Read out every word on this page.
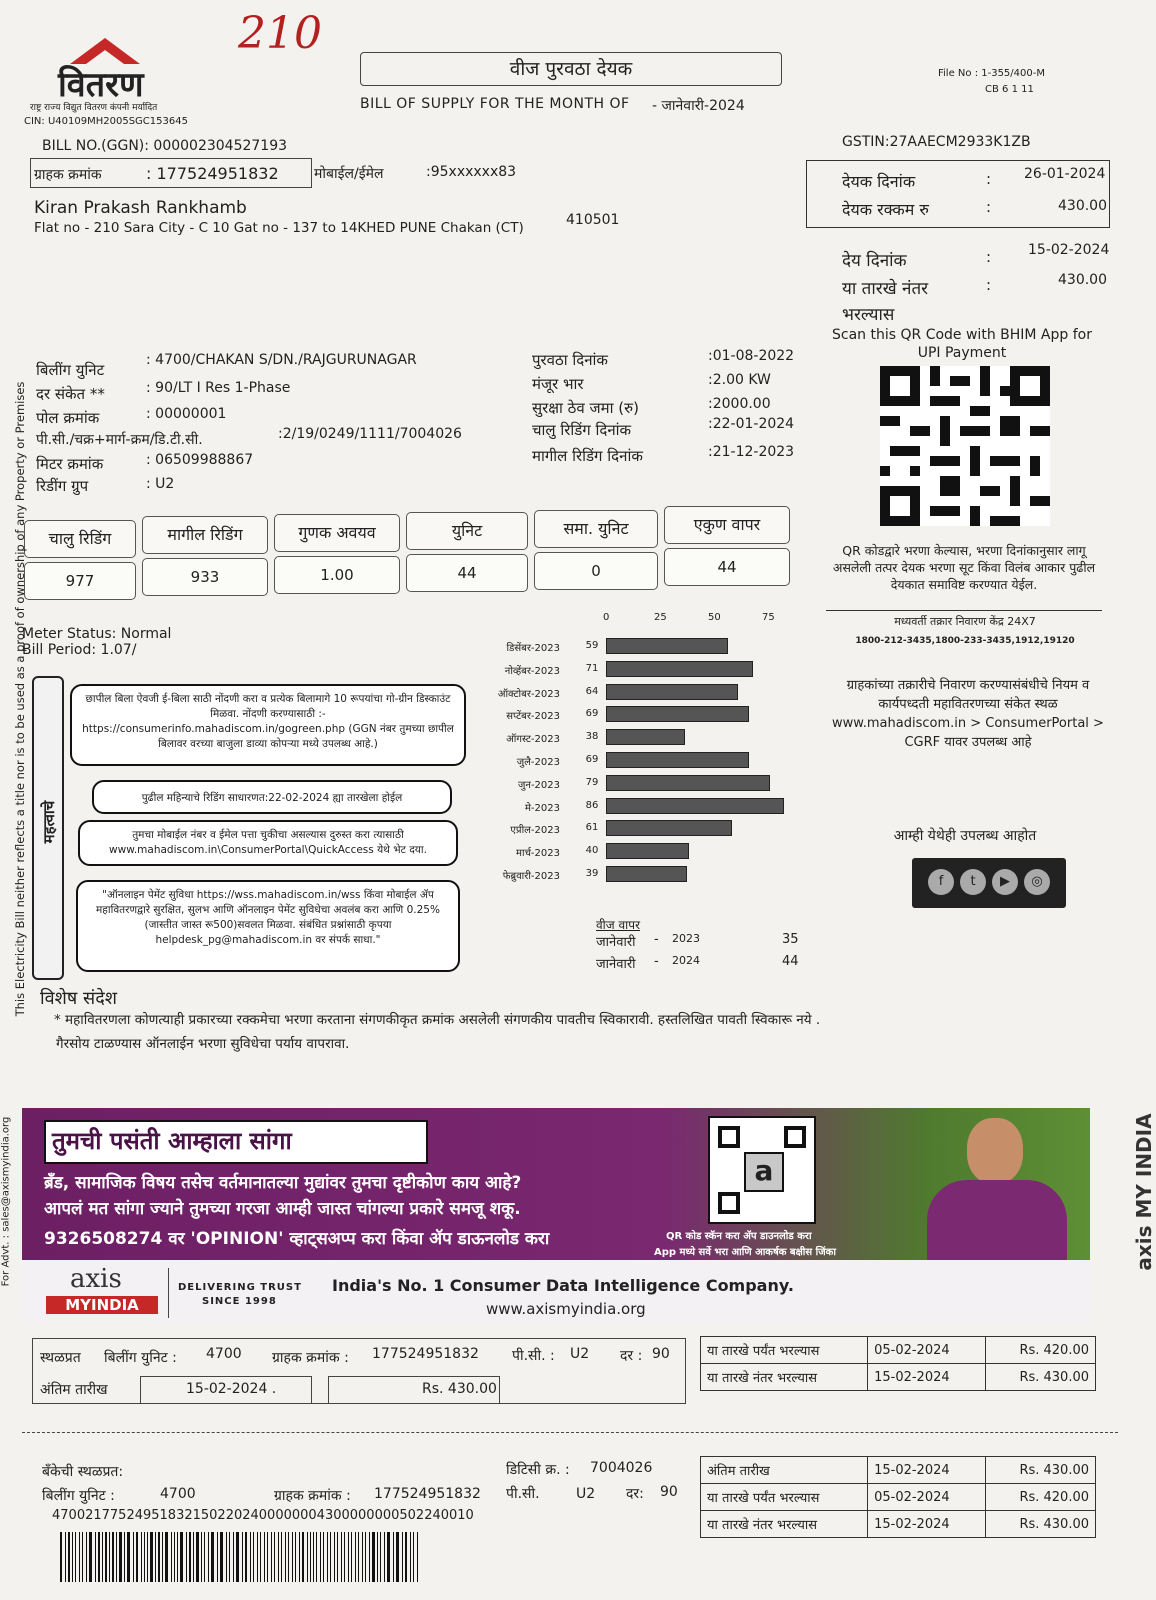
210
वितरण
राष्ट्र राज्य विद्युत वितरण कंपनी मर्यादित
CIN: U40109MH2005SGC153645
वीज पुरवठा देयक
BILL OF SUPPLY FOR THE MONTH OF - जानेवारी-2024
File No : 1-355/400-M
CB 6 1 11
BILL NO.(GGN): 000002304527193	GSTIN:27AAECM2933K1ZB
ग्राहक क्रमांक	: 177524951832	मोबाईल/ईमेल	:95xxxxxx83
Kiran Prakash Rankhamb
Flat no - 210 Sara City - C 10 Gat no - 137 to 14KHED PUNE Chakan (CT)	410501
देयक दिनांक	: 26-01-2024
देयक रक्कम रु	:	430.00
देय दिनांक	:	15-02-2024
या तारखे नंतर	:	430.00
भरल्यास
Scan this QR Code with BHIM App for UPI Payment
QR कोडद्वारे भरणा केल्यास, भरणा दिनांकानुसार लागू असलेली तत्पर देयक भरणा सूट किंवा विलंब आकार पुढील देयकात समाविष्ट करण्यात येईल.
बिलींग युनिट
: 4700/CHAKAN S/DN./RAJGURUNAGAR
दर संकेत **	: 90/LT I Res 1-Phase
पोल क्रमांक	: 00000001
पी.सी./चक्र+मार्ग-क्रम/डि.टी.सी.	:2/19/0249/1111/7004026
मिटर क्रमांक	: 06509988867
रिडींग ग्रुप	: U2
पुरवठा दिनांक	:01-08-2022
मंजूर भार	:2.00 KW
सुरक्षा ठेव जमा (रु)	:2000.00
चालु रिडिंग दिनांक	:22-01-2024
मागील रिडिंग दिनांक	:21-12-2023
चालु रिडिंग	मागील रिडिंग	गुणक अवयव	युनिट	समा. युनिट	एकुण वापर
977	933	1.00	44	0	44
Meter Status: Normal
Bill Period: 1.07/
महत्वाचे
छापील बिला ऐवजी ई-बिला साठी नोंदणी करा व प्रत्येक बिलामागे 10 रूपयांचा गो-ग्रीन डिस्काउंट मिळवा. नोंदणी करण्यासाठी :- https://consumerinfo.mahadiscom.in/gogreen.php (GGN नंबर तुमच्या छापील बिलावर वरच्या बाजुला डाव्या कोपऱ्या मध्ये उपलब्ध आहे.)
पुढील महिन्याचे रिडिंग साधारणत:22-02-2024 ह्या तारखेला होईल
तुमचा मोबाईल नंबर व ईमेल पत्ता चुकीचा असल्यास दुरुस्त करा त्यासाठी www.mahadiscom.in\ConsumerPortal\QuickAccess येथे भेट दया.
"ऑनलाइन पेमेंट सुविधा https://wss.mahadiscom.in/wss किंवा मोबाईल ॲप महावितरणद्वारे सुरक्षित, सुलभ आणि ऑनलाइन पेमेंट सुविधेचा अवलंब करा आणि 0.25%(जास्तीत जास्त रू500)सवलत मिळवा. संबंधित प्रश्नांसाठी कृपया helpdesk_pg@mahadiscom.in वर संपर्क साधा."
0	25	50	75
डिसेंबर-2023	59
नोव्हेंबर-2023	71
ऑक्टोबर-2023	64
सप्टेंबर-2023	69
ऑगस्ट-2023	38
जुलै-2023	69
जुन-2023	79
मे-2023	86
एप्रील-2023	61
मार्च-2023	40
फेब्रुवारी-2023	39
वीज वापर
जानेवारी - 2023	35
जानेवारी - 2024	44
मध्यवर्ती तक्रार निवारण केंद्र 24X7
1800-212-3435,1800-233-3435,1912,19120
ग्राहकांच्या तक्रारीचे निवारण करण्यासंबंधीचे नियम व कार्यपध्दती महावितरणच्या संकेत स्थळ www.mahadiscom.in > ConsumerPortal > CGRF यावर उपलब्ध आहे
आम्ही येथेही उपलब्ध आहोत
f t ▶ ◎
विशेष संदेश
* महावितरणला कोणत्याही प्रकारच्या रक्कमेचा भरणा करताना संगणकीकृत क्रमांक असलेली संगणकीय पावतीच स्विकारावी. हस्तलिखित पावती स्विकारू नये .
गैरसोय टाळण्यास ऑनलाईन भरणा सुविधेचा पर्याय वापरावा.
This Electricity Bill neither reflects a title nor is to be used as a proof of ownership of any Property or Premises
For Advt. : sales@axismyindia.org तुमची पसंती आम्हाला सांगा
ब्रँड, सामाजिक विषय तसेच वर्तमानातल्या मुद्यांवर तुमचा दृष्टीकोण काय आहे?
आपलं मत सांगा ज्याने तुमच्या गरजा आम्ही जास्त चांगल्या प्रकारे समजू शकू.
9326508274 वर 'OPINION' व्हाट्सअप्प करा किंवा ॲप डाऊनलोड करा
a
QR कोड स्कॅन करा ॲप डाउनलोड करा
App मध्ये सर्वे भरा आणि आकर्षक बक्षीस जिंका
axis
MYINDIA
DELIVERING TRUST
SINCE 1998
India's No. 1 Consumer Data Intelligence Company.
www.axismyindia.org
axis MY INDIA
स्थळप्रत बिलींग युनिट : 4700 ग्राहक क्रमांक : 177524951832 पी.सी. : U2 दर : 90
अंतिम तारीख	15-02-2024 .	Rs. 430.00
या तारखे पर्यंत भरल्यास	05-02-2024	Rs. 420.00
या तारखे नंतर भरल्यास	15-02-2024	Rs. 430.00
बँकेची स्थळप्रत:
बिलींग युनिट :	4700	ग्राहक क्रमांक : 177524951832
डिटिसी क्र. : 7004026
पी.सी.	U2 दर: 90
470021775249518321502202400000004300000000502240010
अंतिम तारीख	15-02-2024	Rs. 430.00
या तारखे पर्यंत भरल्यास	05-02-2024	Rs. 420.00
या तारखे नंतर भरल्यास	15-02-2024	Rs. 430.00
